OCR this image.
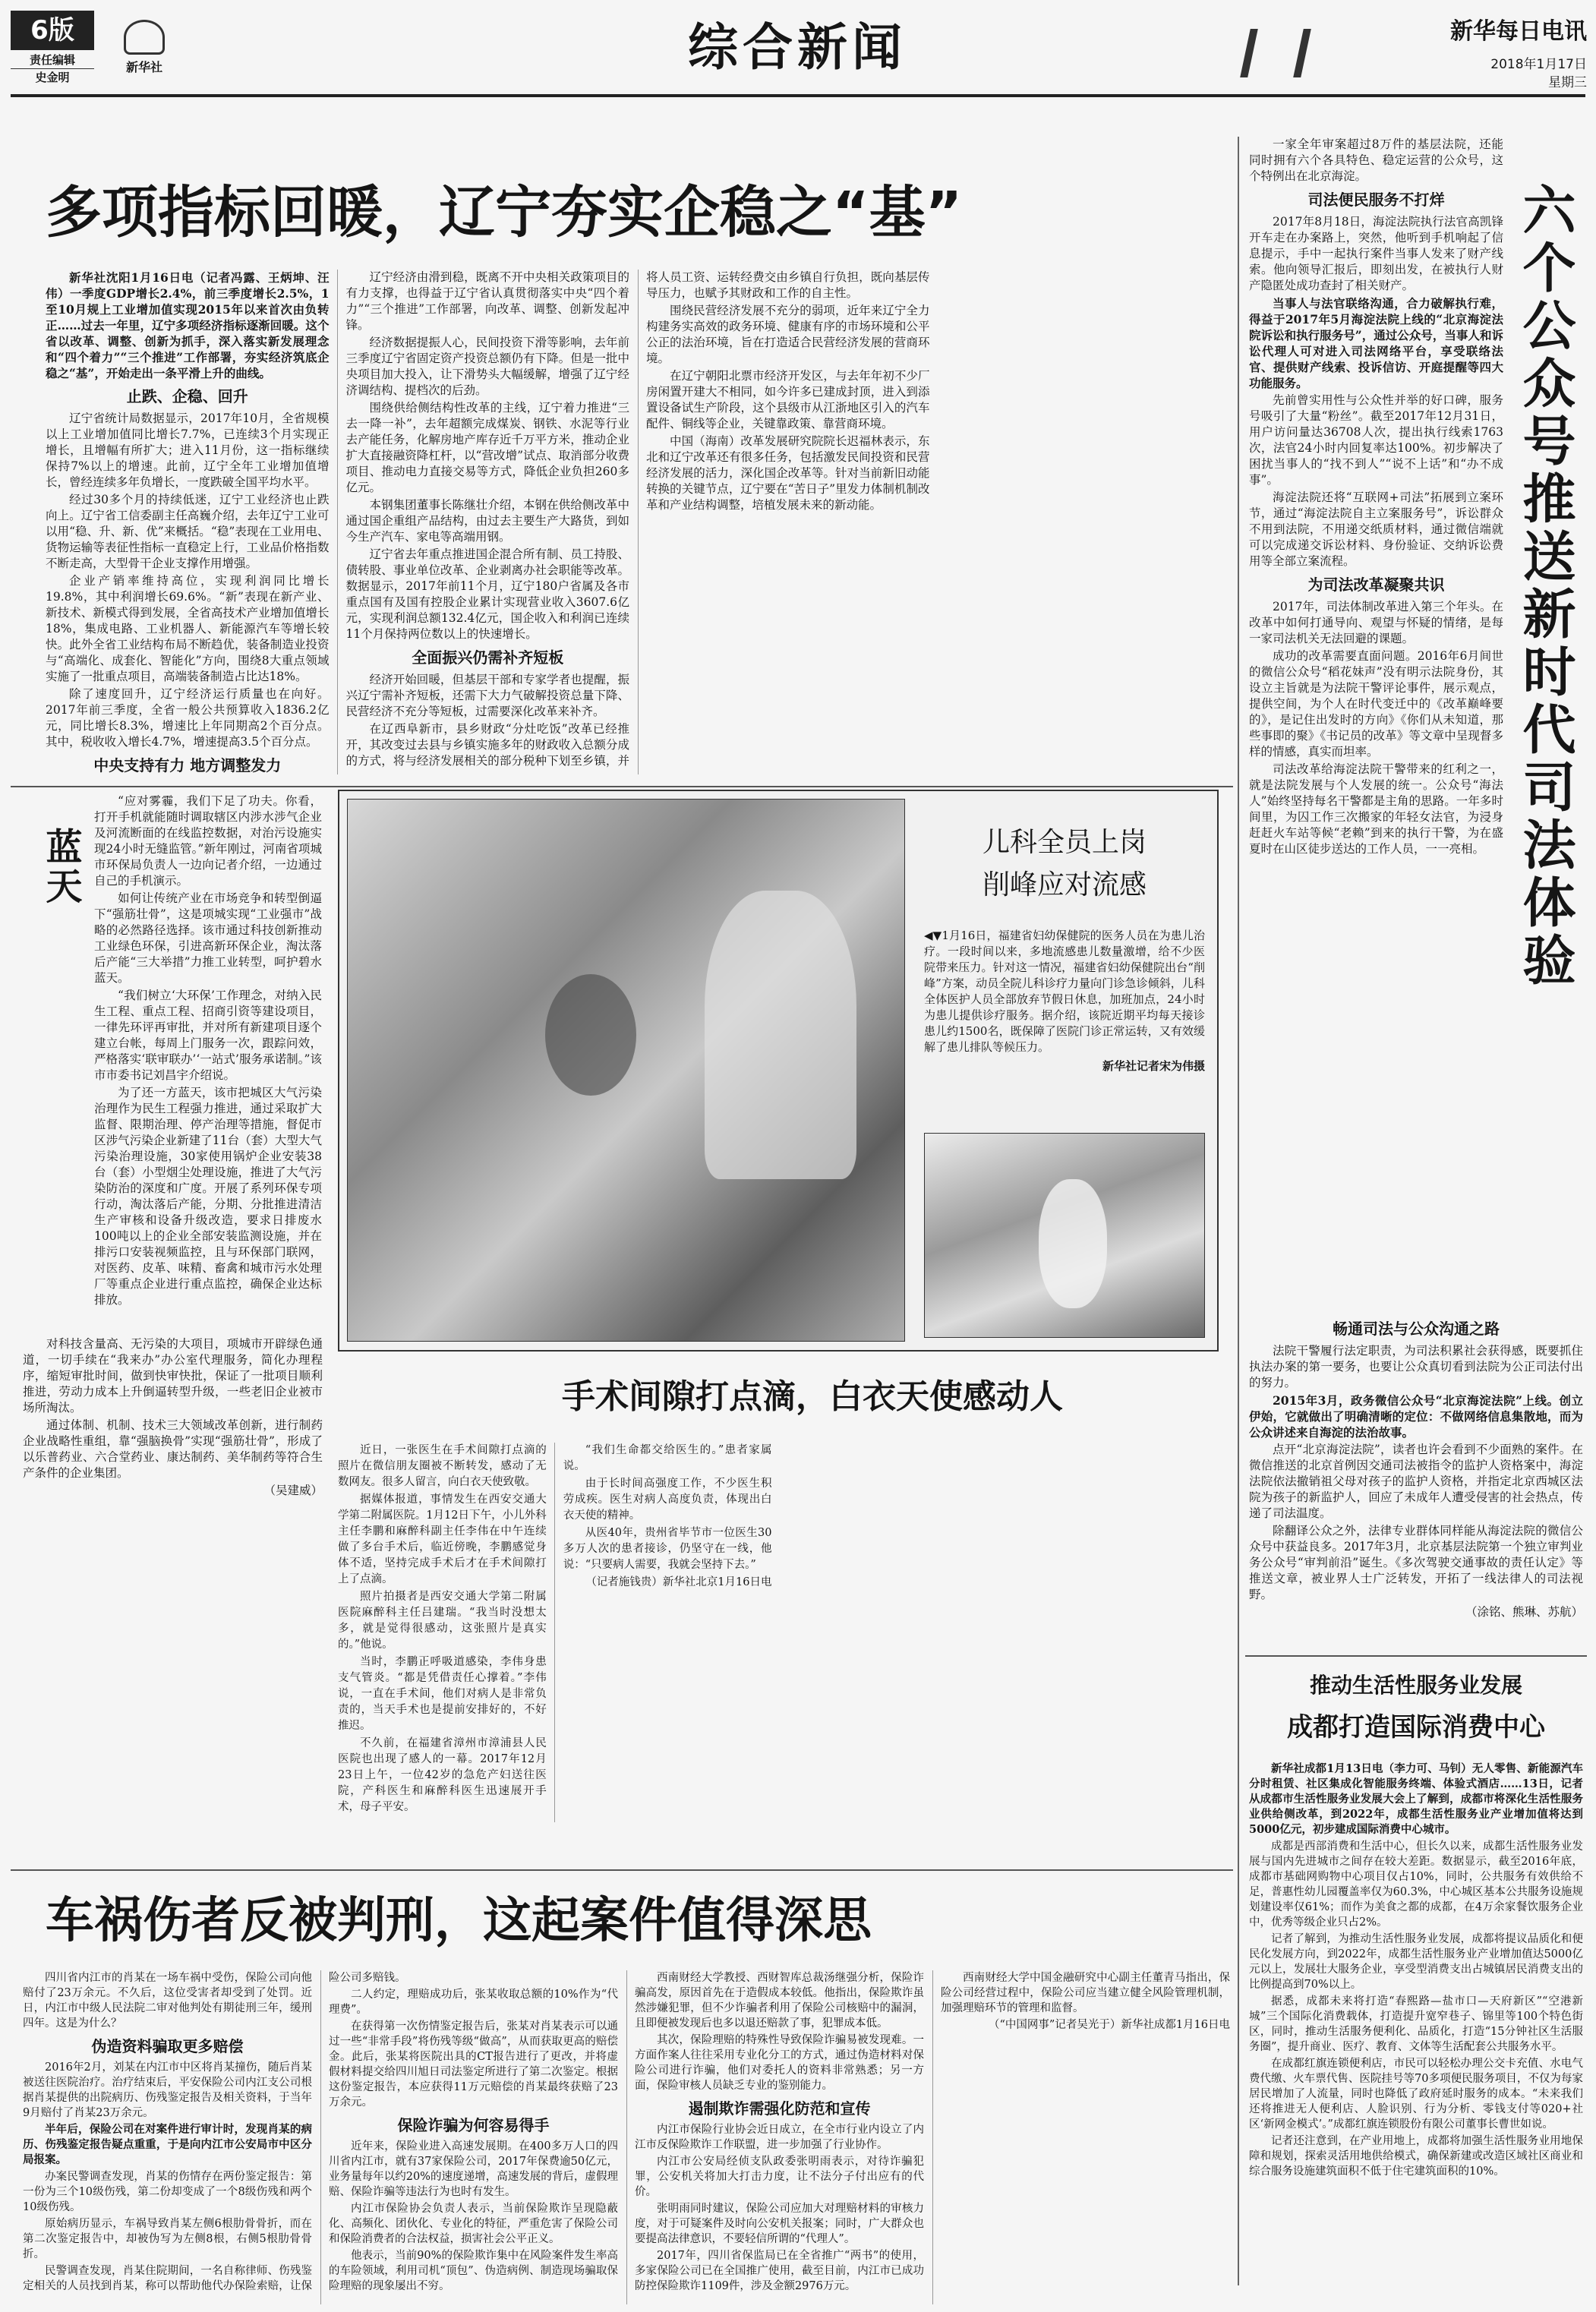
6版
责任编辑
史金明
新华社	综合新闻	新华每日电讯
2018年1月17日
星期三
多项指标回暖，辽宁夯实企稳之“基”

新华社沈阳1月16日电（记者冯露、王炳坤、汪伟）一季度GDP增长2.4%，前三季度增长2.5%，1至10月规上工业增加值实现2015年以来首次由负转正……过去一年里，辽宁多项经济指标逐渐回暖。这个省以改革、调整、创新为抓手，深入落实新发展理念和“四个着力”“三个推进”工作部署，夯实经济筑底企稳之“基”，开始走出一条平滑上升的曲线。

止跌、企稳、回升

辽宁省统计局数据显示，2017年10月，全省规模以上工业增加值同比增长7.7%，已连续3个月实现正增长，且增幅有所扩大；进入11月份，这一指标继续保持7%以上的增速。此前，辽宁全年工业增加值增长，曾经连续多年负增长，一度跌破全国平均水平。

经过30多个月的持续低迷，辽宁工业经济也止跌向上。辽宁省工信委副主任高巍介绍，去年辽宁工业可以用“稳、升、新、优”来概括。“稳”表现在工业用电、货物运输等表征性指标一直稳定上行，工业品价格指数不断走高，大型骨干企业支撑作用增强。

企业产销率维持高位，实现利润同比增长19.8%，其中利润增长69.6%。“新”表现在新产业、新技术、新模式得到发展，全省高技术产业增加值增长18%，集成电路、工业机器人、新能源汽车等增长较快。此外全省工业结构布局不断趋优，装备制造业投资与“高端化、成套化、智能化”方向，围绕8大重点领域实施了一批重点项目，高端装备制造占比达18%。

除了速度回升，辽宁经济运行质量也在向好。2017年前三季度，全省一般公共预算收入1836.2亿元，同比增长8.3%，增速比上年同期高2个百分点。其中，税收收入增长4.7%，增速提高3.5个百分点。

中央支持有力 地方调整发力

辽宁经济由滑到稳，既离不开中央相关政策项目的有力支撑，也得益于辽宁省认真贯彻落实中央“四个着力”“三个推进”工作部署，向改革、调整、创新发起冲锋。

经济数据提振人心，民间投资下滑等影响，去年前三季度辽宁省固定资产投资总额仍有下降。但是一批中央项目加大投入，让下滑势头大幅缓解，增强了辽宁经济调结构、提档次的后劲。

围绕供给侧结构性改革的主线，辽宁着力推进“三去一降一补”，去年超额完成煤炭、钢铁、水泥等行业去产能任务，化解房地产库存近千万平方米，推动企业扩大直接融资降杠杆，以“营改增”试点、取消部分收费项目、推动电力直接交易等方式，降低企业负担260多亿元。

本钢集团董事长陈继壮介绍，本钢在供给侧改革中通过国企重组产品结构，由过去主要生产大路货，到如今生产汽车、家电等高端用钢。

辽宁省去年重点推进国企混合所有制、员工持股、债转股、事业单位改革、企业剥离办社会职能等改革。数据显示，2017年前11个月，辽宁180户省属及各市重点国有及国有控股企业累计实现营业收入3607.6亿元，实现利润总额132.4亿元，国企收入和利润已连续11个月保持两位数以上的快速增长。

全面振兴仍需补齐短板

经济开始回暖，但基层干部和专家学者也提醒，振兴辽宁需补齐短板，还需下大力气破解投资总量下降、民营经济不充分等短板，过需要深化改革来补齐。

在辽西阜新市，县乡财政“分灶吃饭”改革已经推开，其改变过去县与乡镇实施多年的财政收入总额分成的方式，将与经济发展相关的部分税种下划至乡镇，并将人员工资、运转经费交由乡镇自行负担，既向基层传导压力，也赋予其财政和工作的自主性。

围绕民营经济发展不充分的弱项，近年来辽宁全力构建务实高效的政务环境、健康有序的市场环境和公平公正的法治环境，旨在打造适合民营经济发展的营商环境。

在辽宁朝阳北票市经济开发区，与去年年初不少厂房闲置开建大不相同，如今许多已建成封顶，进入到添置设备试生产阶段，这个县级市从江浙地区引入的汽车配件、铜线等企业，关键靠政策、靠营商环境。

中国（海南）改革发展研究院院长迟福林表示，东北和辽宁改革还有很多任务，包括激发民间投资和民营经济发展的活力，深化国企改革等。针对当前新旧动能转换的关键节点，辽宁要在“苦日子”里发力体制机制改革和产业结构调整，培植发展未来的新动能。

蓝天

“应对雾霾，我们下足了功夫。你看，打开手机就能随时调取辖区内涉水涉气企业及河流断面的在线监控数据，对治污设施实现24小时无缝监管。”新年刚过，河南省项城市环保局负责人一边向记者介绍，一边通过自己的手机演示。

如何让传统产业在市场竞争和转型倒逼下“强筋壮骨”，这是项城实现“工业强市”战略的必然路径选择。该市通过科技创新推动工业绿色环保，引进高新环保企业，淘汰落后产能“三大举措”力推工业转型，呵护碧水蓝天。

“我们树立‘大环保’工作理念，对纳入民生工程、重点工程、招商引资等建设项目，一律先环评再审批，并对所有新建项目逐个建立台帐，每周上门服务一次，跟踪问效，严格落实‘联审联办’‘一站式’服务承诺制。”该市市委书记刘昌宇介绍说。

为了还一方蓝天，该市把城区大气污染治理作为民生工程强力推进，通过采取扩大监督、限期治理、停产治理等措施，督促市区涉气污染企业新建了11台（套）大型大气污染治理设施，30家使用锅炉企业安装38台（套）小型烟尘处理设施，推进了大气污染防治的深度和广度。开展了系列环保专项行动，淘汰落后产能，分期、分批推进清洁生产审核和设备升级改造，要求日排废水100吨以上的企业全部安装监测设施，并在排污口安装视频监控，且与环保部门联网，对医药、皮革、味精、畜禽和城市污水处理厂等重点企业进行重点监控，确保企业达标排放。

对科技含量高、无污染的大项目，项城市开辟绿色通道，一切手续在“我来办”办公室代理服务，简化办理程序，缩短审批时间，做到快审快批，保证了一批项目顺利推进，劳动力成本上升倒逼转型升级，一些老旧企业被市场所淘汰。

通过体制、机制、技术三大领域改革创新，进行制药企业战略性重组，靠“强脑换骨”实现“强筋壮骨”，形成了以乐普药业、六合堂药业、康达制药、美华制药等符合生产条件的企业集团。

（吴建威）
儿科全员上岗
削峰应对流感
◀▼1月16日，福建省妇幼保健院的医务人员在为患儿治疗。一段时间以来，多地流感患儿数量激增，给不少医院带来压力。针对这一情况，福建省妇幼保健院出台“削峰”方案，动员全院儿科诊疗力量向门诊急诊倾斜，儿科全体医护人员全部放弃节假日休息，加班加点，24小时为患儿提供诊疗服务。据介绍，该院近期平均每天接诊患儿约1500名，既保障了医院门诊正常运转，又有效缓解了患儿排队等候压力。
新华社记者宋为伟摄
手术间隙打点滴，白衣天使感动人

近日，一张医生在手术间隙打点滴的照片在微信朋友圈被不断转发，感动了无数网友。很多人留言，向白衣天使致敬。

据媒体报道，事情发生在西安交通大学第二附属医院。1月12日下午，小儿外科主任李鹏和麻醉科副主任李伟在中午连续做了多台手术后，临近傍晚，李鹏感觉身体不适，坚持完成手术后才在手术间隙打上了点滴。

照片拍摄者是西安交通大学第二附属医院麻醉科主任吕建瑞。“我当时没想太多，就是觉得很感动，这张照片是真实的。”他说。

当时，李鹏正呼吸道感染，李伟身患支气管炎。“都是凭借责任心撑着。”李伟说，一直在手术间，他们对病人是非常负责的，当天手术也是提前安排好的，不好推迟。

不久前，在福建省漳州市漳浦县人民医院也出现了感人的一幕。2017年12月23日上午，一位42岁的急危产妇送往医院，产科医生和麻醉科医生迅速展开手术，母子平安。

“我们生命都交给医生的。”患者家属说。

由于长时间高强度工作，不少医生积劳成疾。医生对病人高度负责，体现出白衣天使的精神。

从医40年，贵州省毕节市一位医生30多万人次的患者接诊，仍坚守在一线，他说：“只要病人需要，我就会坚持下去。”

（记者施钱贵）新华社北京1月16日电
车祸伤者反被判刑，这起案件值得深思

四川省内江市的肖某在一场车祸中受伤，保险公司向他赔付了23万余元。不久后，这位受害者却受到了处罚。近日，内江市中级人民法院二审对他判处有期徒刑三年，缓刑四年。这是为什么？

伪造资料骗取更多赔偿

2016年2月，刘某在内江市中区将肖某撞伤，随后肖某被送往医院治疗。治疗结束后，平安保险公司内江支公司根据肖某提供的出院病历、伤残鉴定报告及相关资料，于当年9月赔付了肖某23万余元。

半年后，保险公司在对案件进行审计时，发现肖某的病历、伤残鉴定报告疑点重重，于是向内江市公安局市中区分局报案。

办案民警调查发现，肖某的伤情存在两份鉴定报告：第一份为三个10级伤残，第二份却变成了一个8级伤残和两个10级伤残。

原始病历显示，车祸导致肖某左侧6根肋骨骨折，而在第二次鉴定报告中，却被伪写为左侧8根，右侧5根肋骨骨折。

民警调查发现，肖某住院期间，一名自称律师、伤残鉴定相关的人员找到肖某，称可以帮助他代办保险索赔，让保险公司多赔钱。

二人约定，理赔成功后，张某收取总额的10%作为“代理费”。

在获得第一次伤情鉴定报告后，张某对肖某表示可以通过一些“非常手段”将伤残等级“做高”，从而获取更高的赔偿金。此后，张某将医院出具的CT报告进行了更改，并将虚假材料提交给四川旭日司法鉴定所进行了第二次鉴定。根据这份鉴定报告，本应获得11万元赔偿的肖某最终获赔了23万余元。

保险诈骗为何容易得手

近年来，保险业进入高速发展期。在400多万人口的四川省内江市，就有37家保险公司，2017年保费逾50亿元，业务量每年以约20%的速度递增，高速发展的背后，虚假理赔、保险诈骗等违法行为也时有发生。

内江市保险协会负责人表示，当前保险欺诈呈现隐蔽化、高频化、团伙化、专业化的特征，严重危害了保险公司和保险消费者的合法权益，损害社会公平正义。

他表示，当前90%的保险欺诈集中在风险案件发生率高的车险领域，利用司机“顶包”、伪造病例、制造现场骗取保险理赔的现象屡出不穷。

西南财经大学教授、西财智库总裁汤继强分析，保险诈骗高发，原因首先在于造假成本较低。他指出，保险欺诈虽然涉嫌犯罪，但不少诈骗者利用了保险公司核赔中的漏洞，且即便被发现后也多以退还赔款了事，犯罪成本低。

其次，保险理赔的特殊性导致保险诈骗易被发现难。一方面作案人往往采用专业化分工的方式，通过伪造材料对保险公司进行诈骗，他们对委托人的资料非常熟悉；另一方面，保险审核人员缺乏专业的鉴别能力。

遏制欺诈需强化防范和宣传

内江市保险行业协会近日成立，在全市行业内设立了内江市反保险欺诈工作联盟，进一步加强了行业协作。

内江市公安局经侦支队政委张明雨表示，对待诈骗犯罪，公安机关将加大打击力度，让不法分子付出应有的代价。

张明雨同时建议，保险公司应加大对理赔材料的审核力度，对于可疑案件及时向公安机关报案；同时，广大群众也要提高法律意识，不要轻信所谓的“代理人”。

2017年，四川省保监局已在全省推广“两书”的使用，多家保险公司已在全国推广使用，截至目前，内江市已成功防控保险欺诈1109件，涉及金额2976万元。

西南财经大学中国金融研究中心副主任董青马指出，保险公司经营过程中，保险公司应当建立健全风险管理机制，加强理赔环节的管理和监督。

（“中国网事”记者吴光于）新华社成都1月16日电
六个公众号推送新时代司法体验

一家全年审案超过8万件的基层法院，还能同时拥有六个各具特色、稳定运营的公众号，这个特例出在北京海淀。

司法便民服务不打烊

2017年8月18日，海淀法院执行法官高凯锋开车走在办案路上，突然，他听到手机响起了信息提示，手中一起执行案件当事人发来了财产线索。他向领导汇报后，即刻出发，在被执行人财产隐匿处成功查封了相关财产。

当事人与法官联络沟通，合力破解执行难，得益于2017年5月海淀法院上线的“北京海淀法院诉讼和执行服务号”，通过公众号，当事人和诉讼代理人可对进入司法网络平台，享受联络法官、提供财产线索、投诉信访、开庭提醒等四大功能服务。

先前曾实用性与公众性并举的好口碑，服务号吸引了大量“粉丝”。截至2017年12月31日，用户访问量达36708人次，提出执行线索1763次，法官24小时内回复率达100%。初步解决了困扰当事人的“找不到人”“说不上话”和“办不成事”。

海淀法院还将“互联网+司法”拓展到立案环节，通过“海淀法院自主立案服务号”，诉讼群众不用到法院，不用递交纸质材料，通过微信端就可以完成递交诉讼材料、身份验证、交纳诉讼费用等全部立案流程。

为司法改革凝聚共识

2017年，司法体制改革进入第三个年头。在改革中如何打通导向、观望与怀疑的情绪，是每一家司法机关无法回避的课题。

成功的改革需要直面问题。2016年6月间世的微信公众号“稻花妹声”没有明示法院身份，其设立主旨就是为法院干警评论事件，展示观点，提供空间，为个人在时代变迁中的《改革巅峰要的》，是记住出发时的方向》《你们从未知道，那些事即的聚》《书记员的改革》等文章中呈现督多样的情感，真实而坦率。

司法改革给海淀法院干警带来的红利之一，就是法院发展与个人发展的统一。公众号“海法人”始终坚持每名干警都是主角的思路。一年多时间里，为囚工作三次搬家的年轻女法官，为浸身赶赶火车站等候“老赖”到来的执行干警，为在盛夏时在山区徒步送达的工作人员，一一亮相。

畅通司法与公众沟通之路

法院干警履行法定职责，为司法积累社会获得感，既要抓住执法办案的第一要务，也要让公众真切看到法院为公正司法付出的努力。

2015年3月，政务微信公众号“北京海淀法院”上线。创立伊始，它就做出了明确清晰的定位：不做网络信息集散地，而为公众讲述来自海淀的法治故事。

点开“北京海淀法院”，读者也许会看到不少面熟的案件。在微信推送的北京首例因交通司法被指令的监护人资格案中，海淀法院依法撤销祖父母对孩子的监护人资格，并指定北京西城区法院为孩子的新监护人，回应了未成年人遭受侵害的社会热点，传递了司法温度。

除翻译公众之外，法律专业群体同样能从海淀法院的微信公众号中获益良多。2017年3月，北京基层法院第一个独立审判业务公众号“审判前沿”诞生。《多次驾驶交通事故的责任认定》等推送文章，被业界人士广泛转发，开拓了一线法律人的司法视野。

（涂铭、熊琳、苏航）
推动生活性服务业发展
成都打造国际消费中心

新华社成都1月13日电（李力可、马钊）无人零售、新能源汽车分时租赁、社区集成化智能服务终端、体验式酒店……13日，记者从成都市生活性服务业发展大会上了解到，成都市将深化生活性服务业供给侧改革，到2022年，成都生活性服务业产业增加值将达到5000亿元，初步建成国际消费中心城市。

成都是西部消费和生活中心，但长久以来，成都生活性服务业发展与国内先进城市之间存在较大差距。数据显示，截至2016年底，成都市基础网购物中心项目仅占10%，同时，公共服务有效供给不足，普惠性幼儿园覆盖率仅为60.3%，中心城区基本公共服务设施规划建设率仅61%；而作为美食之都的成都，在4万余家餐饮服务企业中，优秀等级企业只占2%。

记者了解到，为推动生活性服务业发展，成都将提议品质化和便民化发展方向，到2022年，成都生活性服务业产业增加值达5000亿元以上，发展壮大服务企业，享受型消费支出占城镇居民消费支出的比例提高到70%以上。

据悉，成都未来将打造“春熙路—盐市口—天府新区”“空港新城”三个国际化消费载体，打造提升宽窄巷子、锦里等100个特色街区，同时，推动生活服务便利化、品质化，打造“15分钟社区生活服务圈”，提升商业、医疗、教育、文体等生活配套公共服务水平。

在成都红旗连锁便利店，市民可以轻松办理公交卡充值、水电气费代缴、火车票代售、医院挂号等70多项便民服务项目，不仅为每家居民增加了人流量，同时也降低了政府延时服务的成本。“未来我们还将推进无人便利店、人脸识别、行为分析、零钱支付等020+社区‘新网金模式’。”成都红旗连锁股份有限公司董事长曹世如说。

记者还注意到，在产业用地上，成都将加强生活性服务业用地保障和规划，探索灵活用地供给模式，确保新建或改造区域社区商业和综合服务设施建筑面积不低于住宅建筑面积的10%。
